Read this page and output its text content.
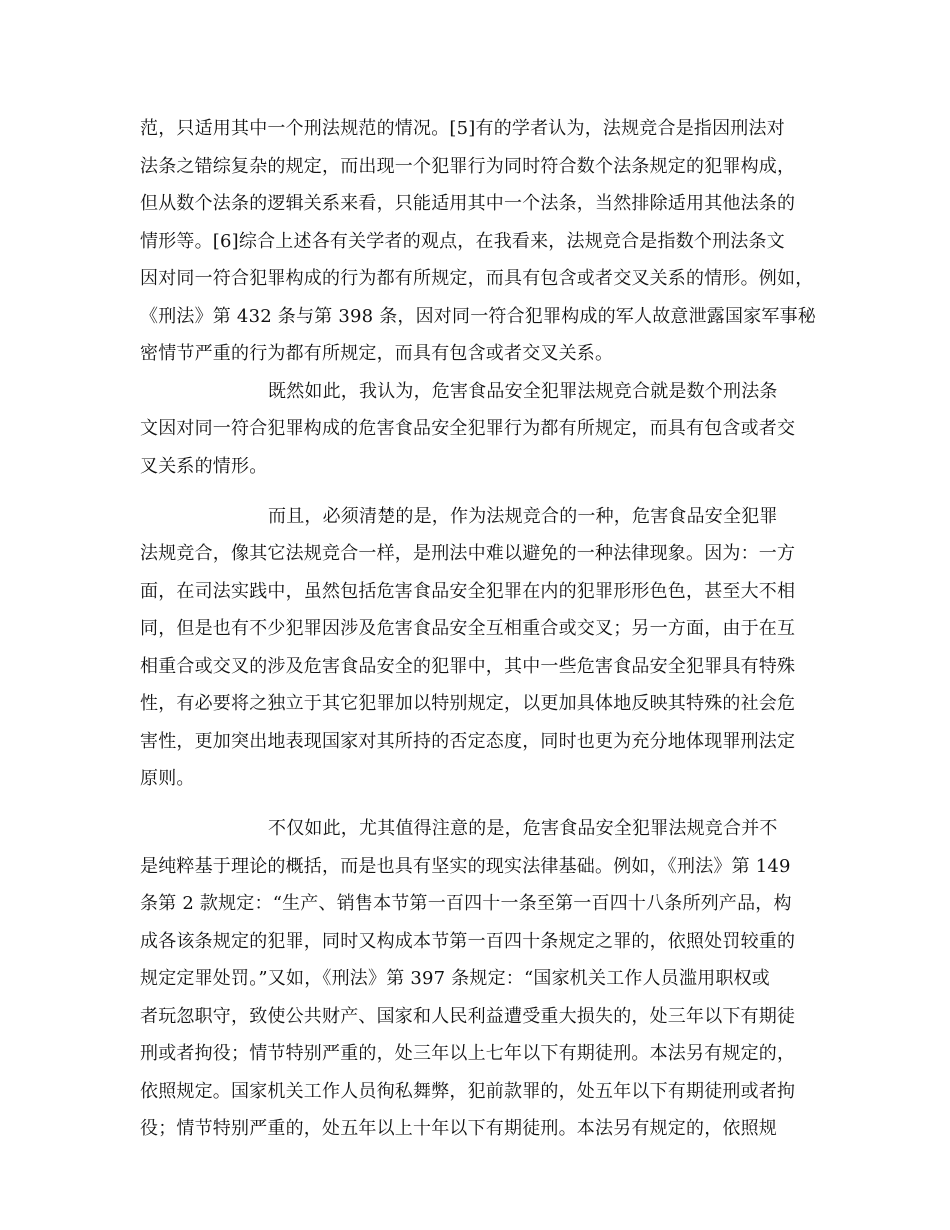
范，只适用其中一个刑法规范的情况。[5]有的学者认为，法规竞合是指因刑法对
法条之错综复杂的规定，而出现一个犯罪行为同时符合数个法条规定的犯罪构成，
但从数个法条的逻辑关系来看，只能适用其中一个法条，当然排除适用其他法条的
情形等。[6]综合上述各有关学者的观点，在我看来，法规竞合是指数个刑法条文
因对同一符合犯罪构成的行为都有所规定，而具有包含或者交叉关系的情形。例如，
《刑法》第 432 条与第 398 条，因对同一符合犯罪构成的军人故意泄露国家军事秘
密情节严重的行为都有所规定，而具有包含或者交叉关系。
既然如此，我认为，危害食品安全犯罪法规竞合就是数个刑法条
文因对同一符合犯罪构成的危害食品安全犯罪行为都有所规定，而具有包含或者交
叉关系的情形。
而且，必须清楚的是，作为法规竞合的一种，危害食品安全犯罪
法规竞合，像其它法规竞合一样，是刑法中难以避免的一种法律现象。因为：一方
面，在司法实践中，虽然包括危害食品安全犯罪在内的犯罪形形色色，甚至大不相
同，但是也有不少犯罪因涉及危害食品安全互相重合或交叉；另一方面，由于在互
相重合或交叉的涉及危害食品安全的犯罪中，其中一些危害食品安全犯罪具有特殊
性，有必要将之独立于其它犯罪加以特别规定，以更加具体地反映其特殊的社会危
害性，更加突出地表现国家对其所持的否定态度，同时也更为充分地体现罪刑法定
原则。
不仅如此，尤其值得注意的是，危害食品安全犯罪法规竞合并不
是纯粹基于理论的概括，而是也具有坚实的现实法律基础。例如，《刑法》第 149
条第 2 款规定：“生产、销售本节第一百四十一条至第一百四十八条所列产品，构
成各该条规定的犯罪，同时又构成本节第一百四十条规定之罪的，依照处罚较重的
规定定罪处罚。”又如，《刑法》第 397 条规定：“国家机关工作人员滥用职权或
者玩忽职守，致使公共财产、国家和人民利益遭受重大损失的，处三年以下有期徒
刑或者拘役；情节特别严重的，处三年以上七年以下有期徒刑。本法另有规定的，
依照规定。国家机关工作人员徇私舞弊，犯前款罪的，处五年以下有期徒刑或者拘
役；情节特别严重的，处五年以上十年以下有期徒刑。本法另有规定的，依照规
